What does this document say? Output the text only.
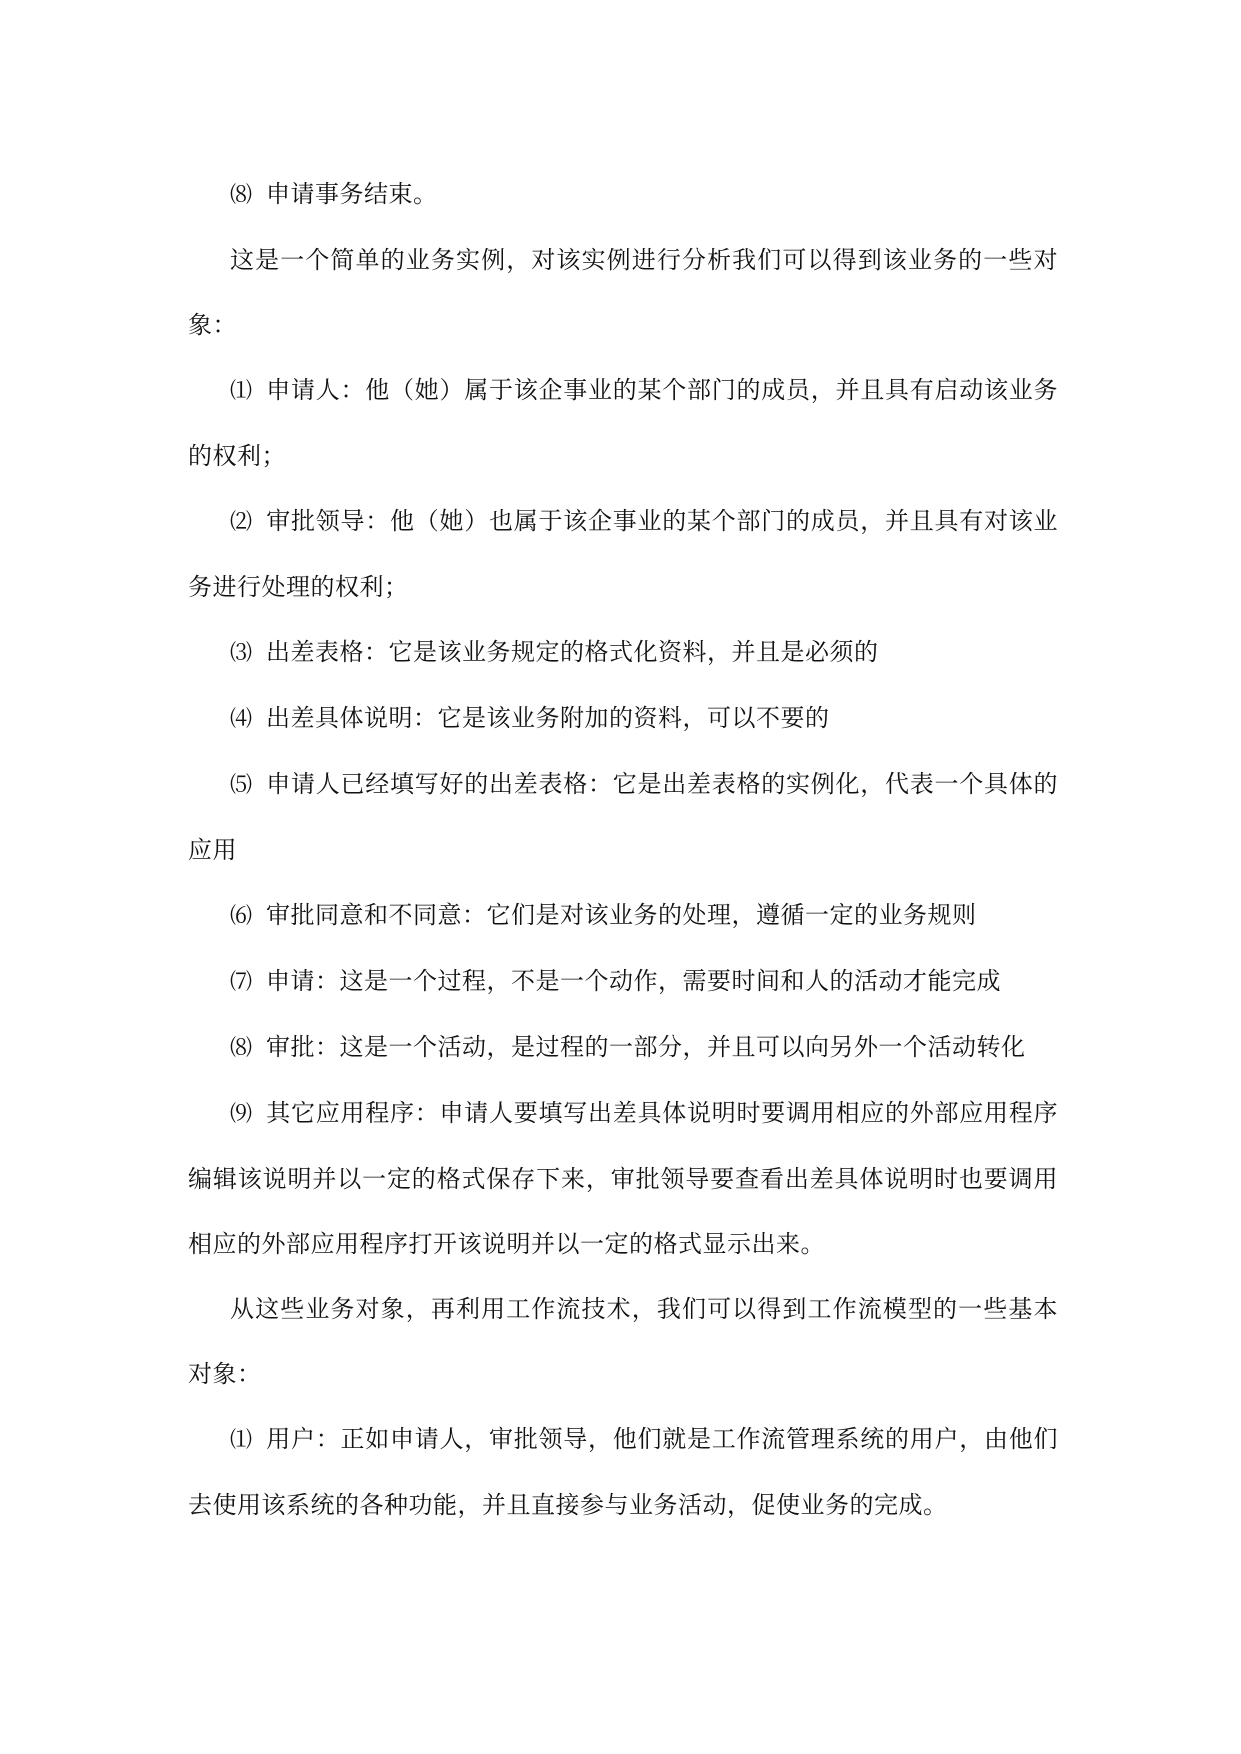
⑻ 申请事务结束。

这是一个简单的业务实例，对该实例进行分析我们可以得到该业务的一些对象：

⑴ 申请人：他（她）属于该企事业的某个部门的成员，并且具有启动该业务的权利；

⑵ 审批领导：他（她）也属于该企事业的某个部门的成员，并且具有对该业务进行处理的权利；

⑶ 出差表格：它是该业务规定的格式化资料，并且是必须的

⑷ 出差具体说明：它是该业务附加的资料，可以不要的

⑸ 申请人已经填写好的出差表格：它是出差表格的实例化，代表一个具体的应用

⑹ 审批同意和不同意：它们是对该业务的处理，遵循一定的业务规则

⑺ 申请：这是一个过程，不是一个动作，需要时间和人的活动才能完成

⑻ 审批：这是一个活动，是过程的一部分，并且可以向另外一个活动转化

⑼ 其它应用程序：申请人要填写出差具体说明时要调用相应的外部应用程序编辑该说明并以一定的格式保存下来，审批领导要查看出差具体说明时也要调用相应的外部应用程序打开该说明并以一定的格式显示出来。

从这些业务对象，再利用工作流技术，我们可以得到工作流模型的一些基本对象：

⑴ 用户：正如申请人，审批领导，他们就是工作流管理系统的用户，由他们去使用该系统的各种功能，并且直接参与业务活动，促使业务的完成。
